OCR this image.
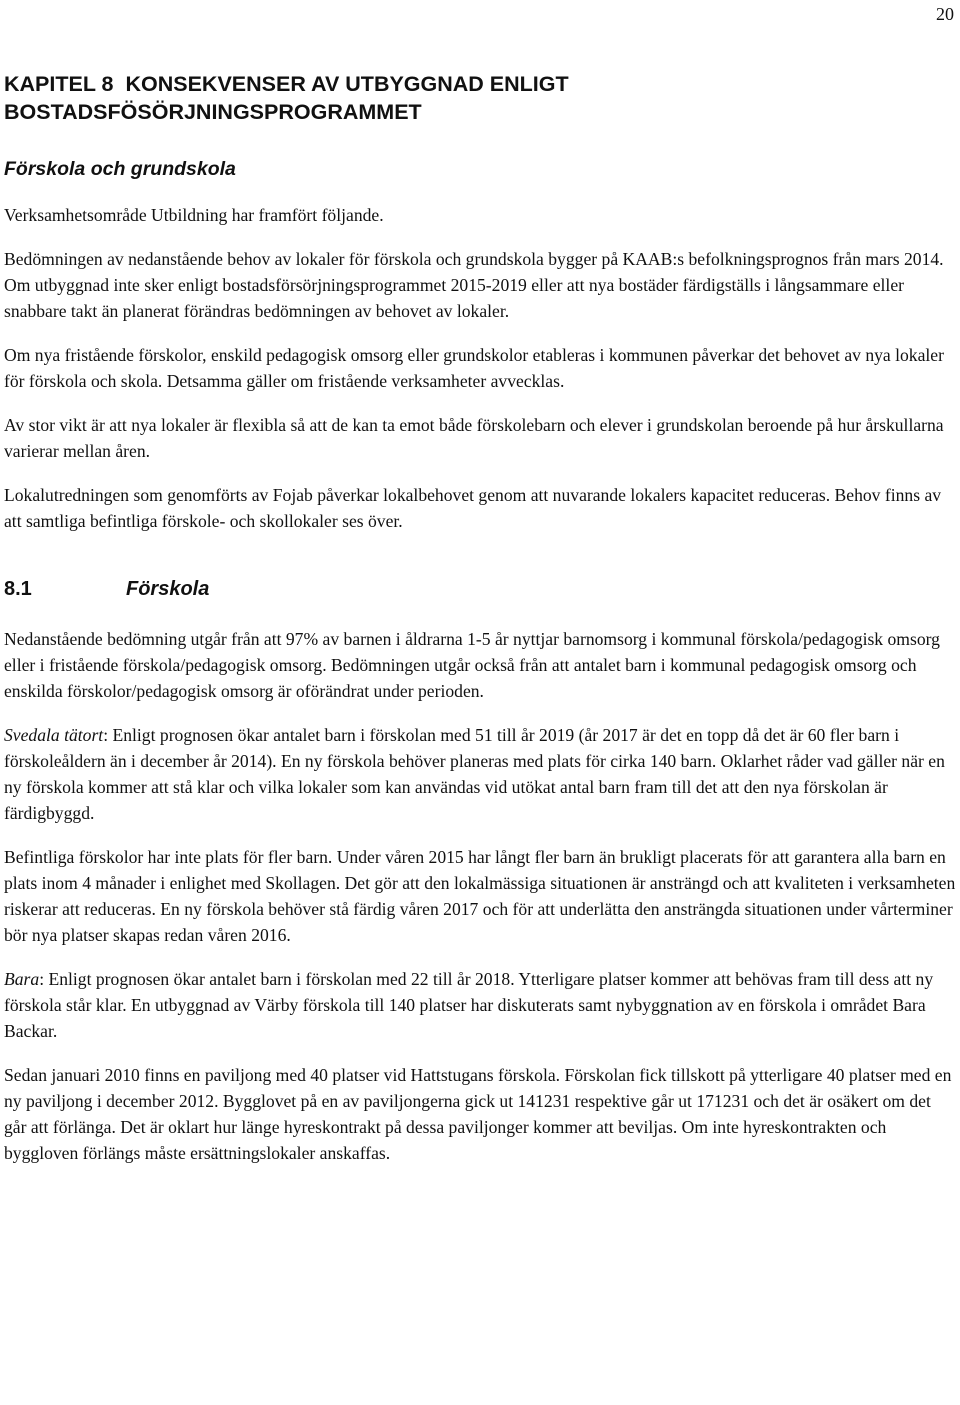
20
KAPITEL 8  KONSEKVENSER AV UTBYGGNAD ENLIGT
BOSTADSFÖSÖRJNINGSPROGRAMMET
Förskola och grundskola

Verksamhetsområde Utbildning har framfört följande.

Bedömningen av nedanstående behov av lokaler för förskola och grundskola bygger på KAAB:s befolkningsprognos från mars 2014. Om utbyggnad inte sker enligt bostadsförsörjningsprogrammet 2015-2019 eller att nya bostäder färdigställs i långsammare eller snabbare takt än planerat förändras bedömningen av behovet av lokaler.

Om nya fristående förskolor, enskild pedagogisk omsorg eller grundskolor etableras i kommunen påverkar det behovet av nya lokaler för förskola och skola. Detsamma gäller om fristående verksamheter avvecklas.

Av stor vikt är att nya lokaler är flexibla så att de kan ta emot både förskolebarn och elever i grundskolan beroende på hur årskullarna varierar mellan åren.

Lokalutredningen som genomförts av Fojab påverkar lokalbehovet genom att nuvarande lokalers kapacitet reduceras. Behov finns av att samtliga befintliga förskole- och skollokaler ses över.

8.1	Förskola

Nedanstående bedömning utgår från att 97% av barnen i åldrarna 1-5 år nyttjar barnomsorg i kommunal förskola/pedagogisk omsorg eller i fristående förskola/pedagogisk omsorg. Bedömningen utgår också från att antalet barn i kommunal pedagogisk omsorg och enskilda förskolor/pedagogisk omsorg är oförändrat under perioden.

Svedala tätort: Enligt prognosen ökar antalet barn i förskolan med 51 till år 2019 (år 2017 är det en topp då det är 60 fler barn i förskoleåldern än i december år 2014). En ny förskola behöver planeras med plats för cirka 140 barn. Oklarhet råder vad gäller när en ny förskola kommer att stå klar och vilka lokaler som kan användas vid utökat antal barn fram till det att den nya förskolan är färdigbyggd.

Befintliga förskolor har inte plats för fler barn. Under våren 2015 har långt fler barn än brukligt placerats för att garantera alla barn en plats inom 4 månader i enlighet med Skollagen. Det gör att den lokalmässiga situationen är ansträngd och att kvaliteten i verksamheten riskerar att reduceras. En ny förskola behöver stå färdig våren 2017 och för att underlätta den ansträngda situationen under vårterminer bör nya platser skapas redan våren 2016.

Bara: Enligt prognosen ökar antalet barn i förskolan med 22 till år 2018. Ytterligare platser kommer att behövas fram till dess att ny förskola står klar. En utbyggnad av Värby förskola till 140 platser har diskuterats samt nybyggnation av en förskola i området Bara Backar.

Sedan januari 2010 finns en paviljong med 40 platser vid Hattstugans förskola. Förskolan fick tillskott på ytterligare 40 platser med en ny paviljong i december 2012. Bygglovet på en av paviljongerna gick ut 141231 respektive går ut 171231 och det är osäkert om det går att förlänga. Det är oklart hur länge hyreskontrakt på dessa paviljonger kommer att beviljas. Om inte hyreskontrakten och byggloven förlängs måste ersättningslokaler anskaffas.
